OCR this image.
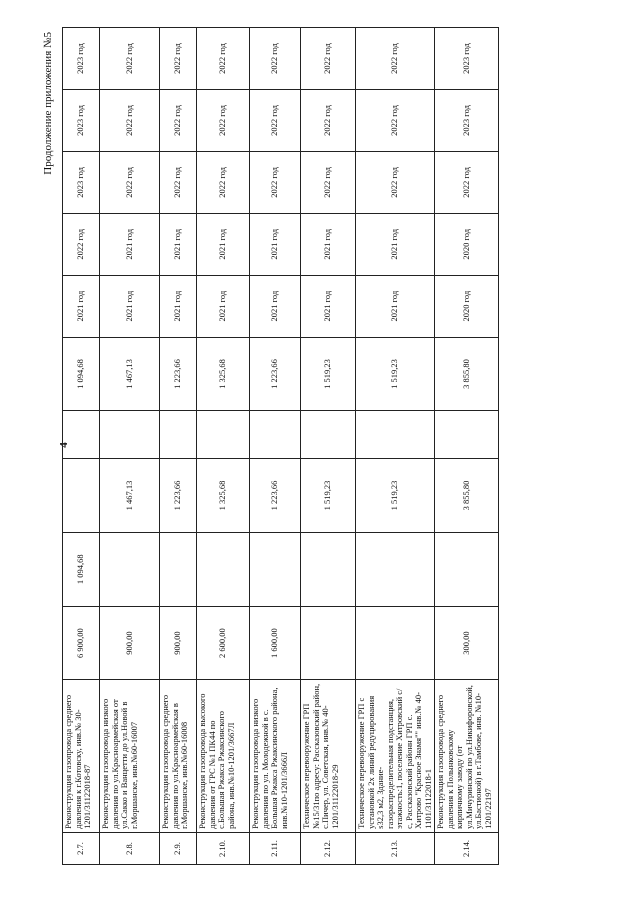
4
Продолжение приложения №5
2.7.	Реконструкция газопровода среднего давления к г.Котовску, инв.№ 30-1201/31122018-87	6 900,00	1 094,68			1 094,68	2021 год	2022 год	2023 год	2023 год	2023 год
2.8.	Реконструкция газопровода низкого давления по ул.Красноармейская от ул.Сакко и Ванцетти до ул.Новой в г.Моршанске, инв.№60-16007	900,00		1 467,13		1 467,13	2021 год	2021 год	2022 год	2022 год	2022 год
2.9.	Реконструкция газопровода среднего давления по ул.Красноармейская в г.Моршанске, инв.№60-16008	900,00		1 223,66		1 223,66	2021 год	2021 год	2022 год	2022 год	2022 год
2.10.	Реконструкция газопровода высокого давления от ГРС №1 ПК44 по с.Большая Ржакса Ржаксинского района, инв.№10-1201/3667Л	2 600,00		1 325,68		1 325,68	2021 год	2021 год	2022 год	2022 год	2022 год
2.11.	Реконструкция газопровода низкого давления по ул. Молодежной в с. Большая Ржакса Ржаксинского района, инв.№10-1201/3666Л	1 600,00		1 223,66		1 223,66	2021 год	2021 год	2022 год	2022 год	2022 год
2.12.	Техническое перевооружение ГРП №15/31по адресу: Рассказовский район, с.Пичер, ул. Советская, инв.№ 40-1201/31122018-29			1 519,23		1 519,23	2021 год	2021 год	2022 год	2022 год	2022 год
2.13.	Техническое перевооружение ГРП с установкой 2х линий редуцирования s32,3 м2, Здание-газораспределительная подстанция, этажность:1, поселение Хитровский с/с, Рассказовский районн ГРП с. Хитрово "Красное Знамя"" инв.№ 40-1101/31122018-1			1 519,23		1 519,23	2021 год	2021 год	2022 год	2022 год	2022 год
2.14.	Реконструкция газопровода среднего давления к Полынковскому кирпичному заводу (от ул.Мичуринской по ул.Никифоровской, ул.Бастионой) в г.Тамбове, инв. №10-1201/22197	300,00		3 855,80		3 855,80	2020 год	2020 год	2022 год	2023 год	2023 год
